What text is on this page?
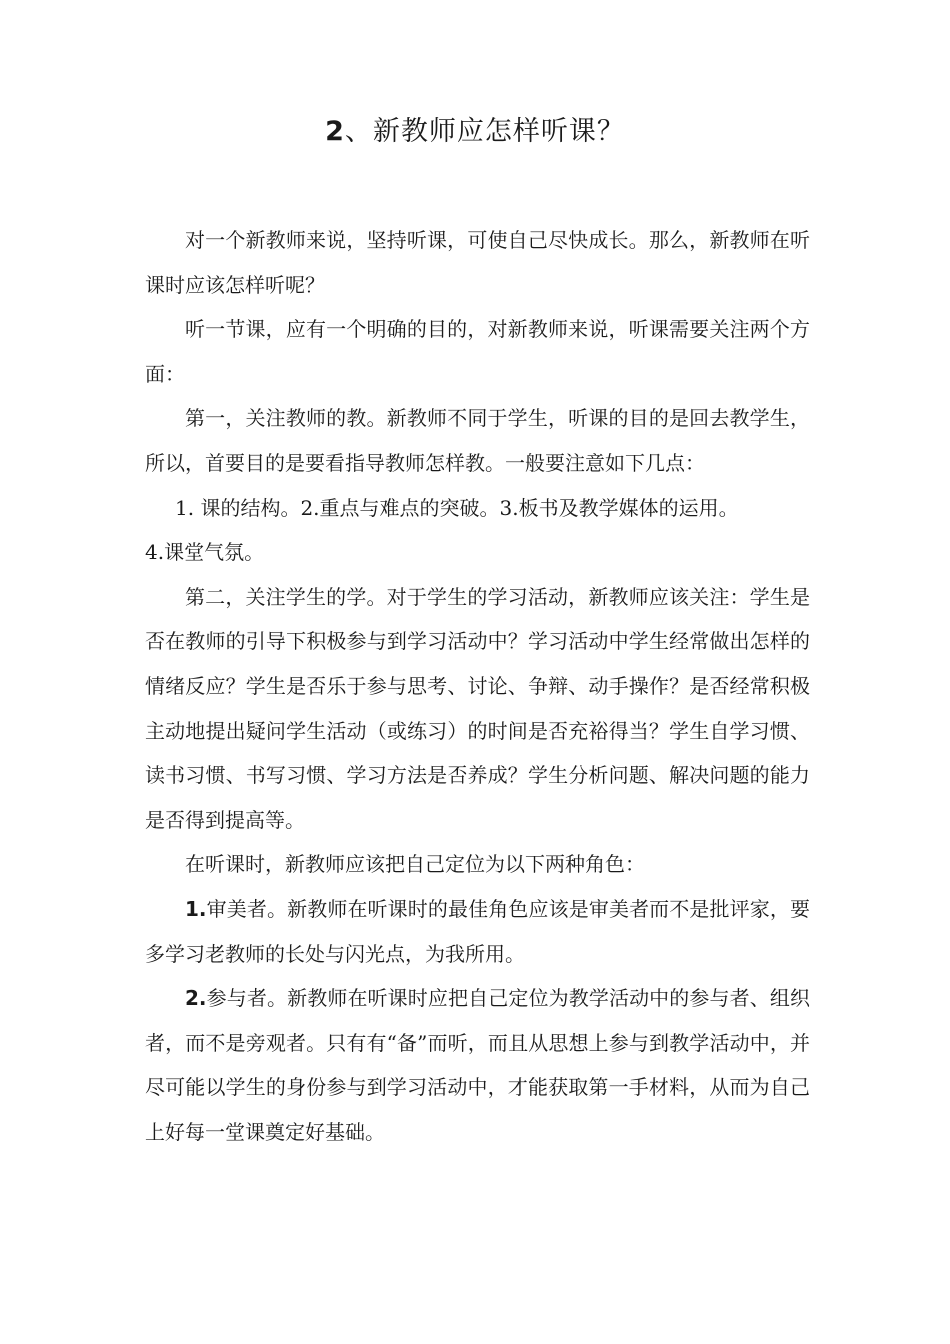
2、新教师应怎样听课？

对一个新教师来说，坚持听课，可使自己尽快成长。那么，新教师在听课时应该怎样听呢？

听一节课，应有一个明确的目的，对新教师来说，听课需要关注两个方面：

第一，关注教师的教。新教师不同于学生，听课的目的是回去教学生，所以，首要目的是要看指导教师怎样教。一般要注意如下几点：

1. 课的结构。2.重点与难点的突破。3.板书及教学媒体的运用。

4.课堂气氛。

第二，关注学生的学。对于学生的学习活动，新教师应该关注：学生是否在教师的引导下积极参与到学习活动中？学习活动中学生经常做出怎样的情绪反应？学生是否乐于参与思考、讨论、争辩、动手操作？是否经常积极主动地提出疑问学生活动（或练习）的时间是否充裕得当？学生自学习惯、读书习惯、书写习惯、学习方法是否养成？学生分析问题、解决问题的能力是否得到提高等。

在听课时，新教师应该把自己定位为以下两种角色：

1.审美者。新教师在听课时的最佳角色应该是审美者而不是批评家，要多学习老教师的长处与闪光点，为我所用。

2.参与者。新教师在听课时应把自己定位为教学活动中的参与者、组织者，而不是旁观者。只有有“备”而听，而且从思想上参与到教学活动中，并尽可能以学生的身份参与到学习活动中，才能获取第一手材料，从而为自己上好每一堂课奠定好基础。
